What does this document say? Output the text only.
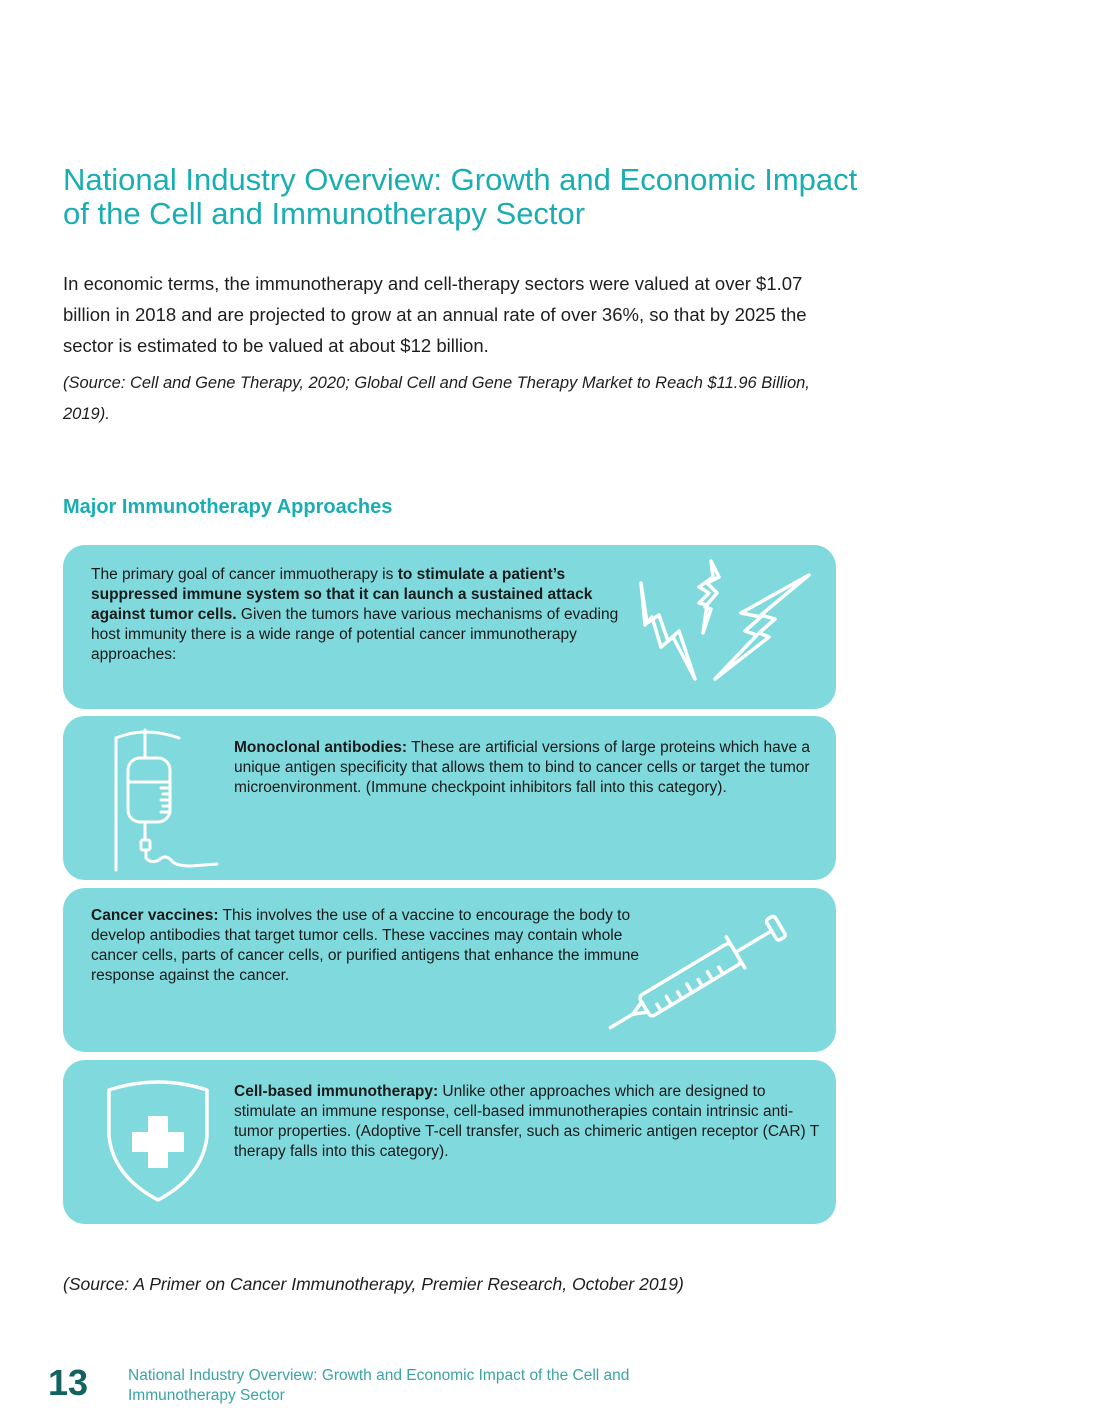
National Industry Overview: Growth and Economic Impact of the Cell and Immunotherapy Sector

In economic terms, the immunotherapy and cell-therapy sectors were valued at over $1.07 billion in 2018 and are projected to grow at an annual rate of over 36%, so that by 2025 the sector is estimated to be valued at about $12 billion.

(Source: Cell and Gene Therapy, 2020; Global Cell and Gene Therapy Market to Reach $11.96 Billion, 2019).

Major Immunotherapy Approaches

The primary goal of cancer immuotherapy is to stimulate a patient’s suppressed immune system so that it can launch a sustained attack against tumor cells. Given the tumors have various mechanisms of evading host immunity there is a wide range of potential cancer immunotherapy approaches:

Monoclonal antibodies: These are artificial versions of large proteins which have a unique antigen specificity that allows them to bind to cancer cells or target the tumor microenvironment. (Immune checkpoint inhibitors fall into this category).

Cancer vaccines: This involves the use of a vaccine to encourage the body to develop antibodies that target tumor cells. These vaccines may contain whole cancer cells, parts of cancer cells, or purified antigens that enhance the immune response against the cancer.

Cell-based immunotherapy: Unlike other approaches which are designed to stimulate an immune response, cell-based immunotherapies contain intrinsic anti-tumor properties. (Adoptive T-cell transfer, such as chimeric antigen receptor (CAR) T therapy falls into this category).

(Source: A Primer on Cancer Immunotherapy, Premier Research, October 2019)

13	National Industry Overview: Growth and Economic Impact of the Cell and Immunotherapy Sector
